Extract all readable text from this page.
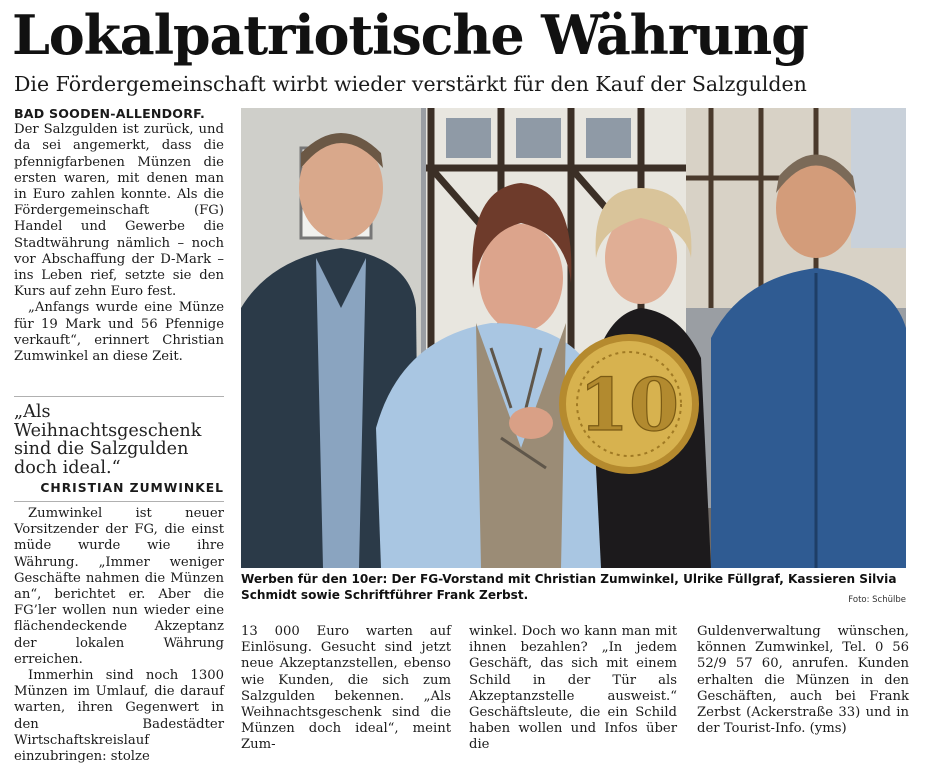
Lokalpatriotische Währung
Die Fördergemeinschaft wirbt wieder verstärkt für den Kauf der Salzgulden
BAD SOODEN-ALLENDORF.

Der Salzgulden ist zurück, und da sei angemerkt, dass die pfennigfarbenen Münzen die ersten waren, mit denen man in Euro zahlen konnte. Als die Fördergemeinschaft (FG) Handel und Gewerbe die Stadtwährung nämlich – noch vor Abschaffung der D-Mark – ins Leben rief, setzte sie den Kurs auf zehn Euro fest.

„Anfangs wurde eine Münze für 19 Mark und 56 Pfennige verkauft“, erinnert Christian Zumwinkel an diese Zeit.

„Als Weihnachtsgeschenk sind die Salzgulden doch ideal.“
CHRISTIAN ZUMWINKEL

Zumwinkel ist neuer Vorsitzender der FG, die einst müde wurde wie ihre Währung. „Immer weniger Geschäfte nahmen die Münzen an“, berichtet er. Aber die FG’ler wollen nun wieder eine flächendeckende Akzeptanz der lokalen Währung erreichen.

Immerhin sind noch 1300 Münzen im Umlauf, die darauf warten, ihren Gegenwert in den Badestädter Wirtschaftskreislauf einzubringen: stolze

10
Werben für den 10er: Der FG-Vorstand mit Christian Zumwinkel, Ulrike Füllgraf, Kassieren Silvia Schmidt sowie Schriftführer Frank Zerbst.	Foto: Schülbe

13 000 Euro warten auf Einlösung. Gesucht sind jetzt neue Akzeptanzstellen, ebenso wie Kunden, die sich zum Salzgulden bekennen. „Als Weihnachtsgeschenk sind die Münzen doch ideal“, meint Zum-

winkel. Doch wo kann man mit ihnen bezahlen? „In jedem Geschäft, das sich mit einem Schild in der Tür als Akzeptanzstelle ausweist.“ Geschäftsleute, die ein Schild haben wollen und Infos über die

Guldenverwaltung wünschen, können Zumwinkel, Tel. 0 56 52/9 57 60, anrufen. Kunden erhalten die Münzen in den Geschäften, auch bei Frank Zerbst (Ackerstraße 33) und in der Tourist-Info. (yms)
